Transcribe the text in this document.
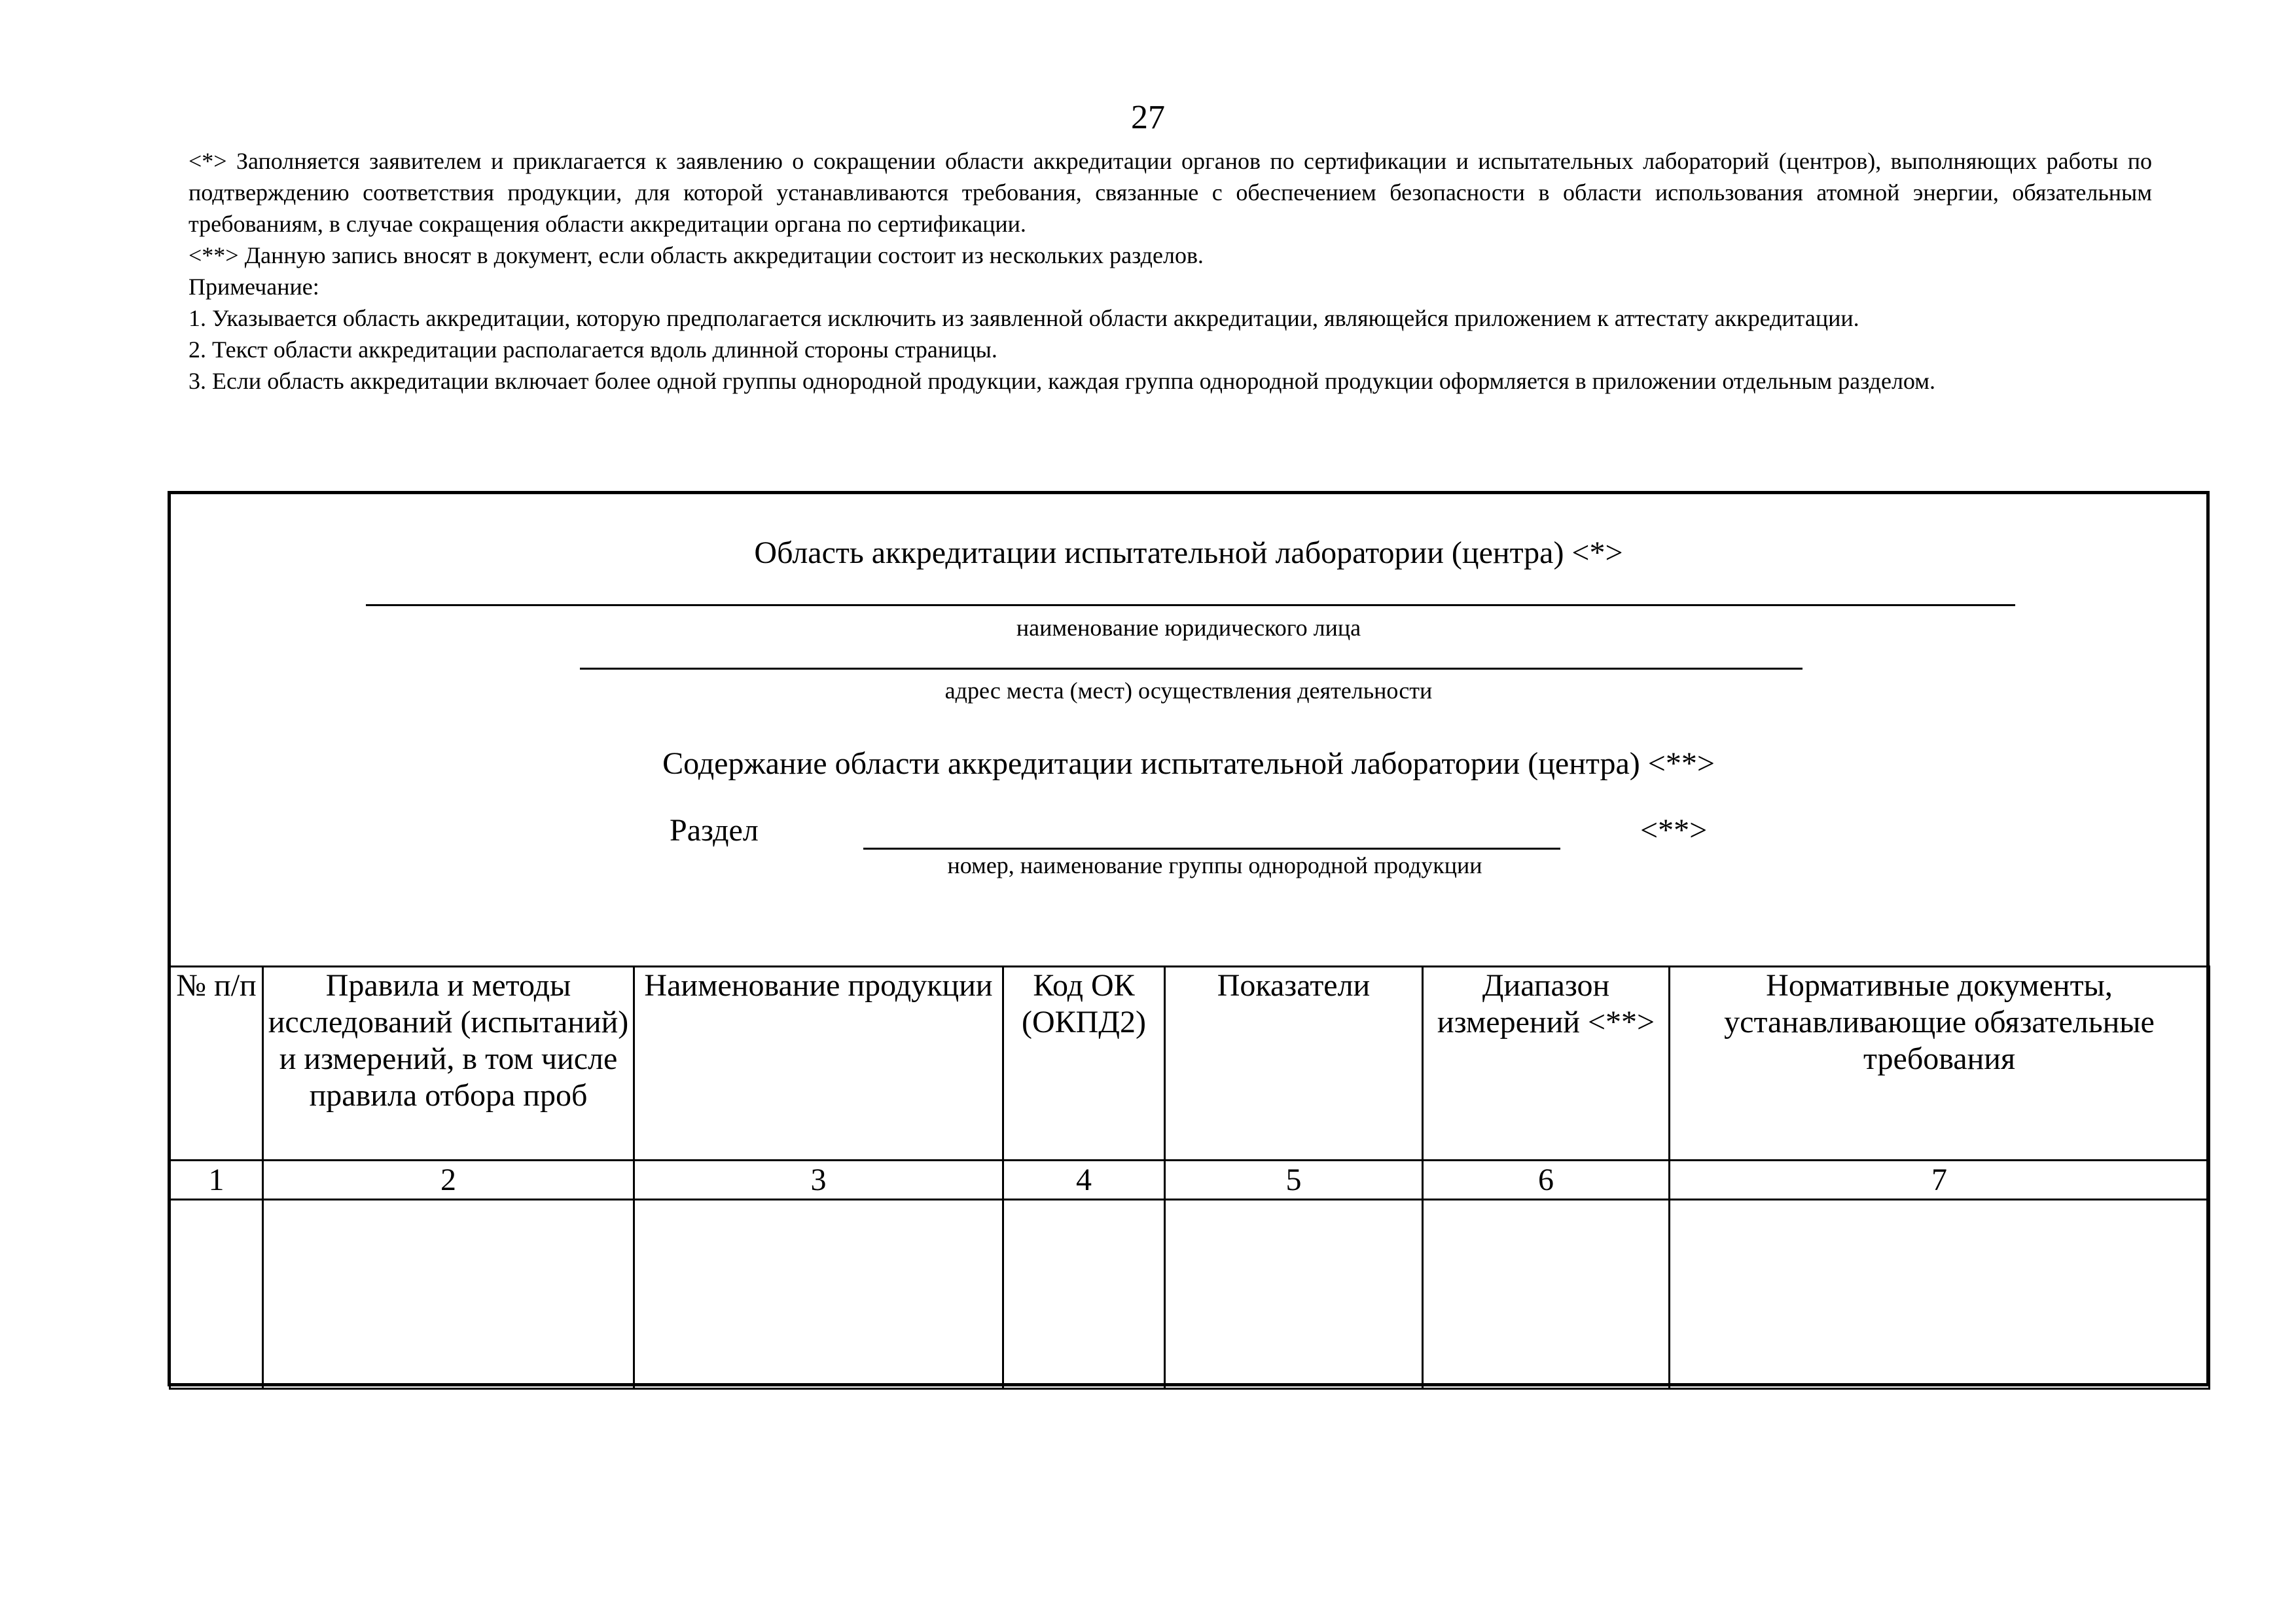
27

<*> Заполняется заявителем и приклагается к заявлению о сокращении области аккредитации органов по сертификации и испытательных лабораторий (центров), выполняющих работы по подтверждению соответствия продукции, для которой устанавливаются требования, связанные с обеспечением безопасности в области использования атомной энергии, обязательным требованиям, в случае сокращения области аккредитации органа по сертификации.

<**> Данную запись вносят в документ, если область аккредитации состоит из нескольких разделов.

Примечание:

1. Указывается область аккредитации, которую предполагается исключить из заявленной области аккредитации, являющейся приложением к аттестату аккредитации.

2. Текст области аккредитации располагается вдоль длинной стороны страницы.

3. Если область аккредитации включает более одной группы однородной продукции, каждая группа однородной продукции оформляется в приложении отдельным разделом.

Область аккредитации испытательной лаборатории (центра) <*>
наименование юридического лица
адрес места (мест) осуществления деятельности
Содержание области аккредитации испытательной лаборатории (центра) <**>
Раздел	<**>
номер, наименование группы однородной продукции
№ п/п	Правила и методы исследований (испытаний) и измерений, в том числе правила отбора проб	Наименование продукции	Код ОК (ОКПД2)	Показатели	Диапазон измерений <**>	Нормативные документы, устанавливающие обязательные требования
1	2	3	4	5	6	7
